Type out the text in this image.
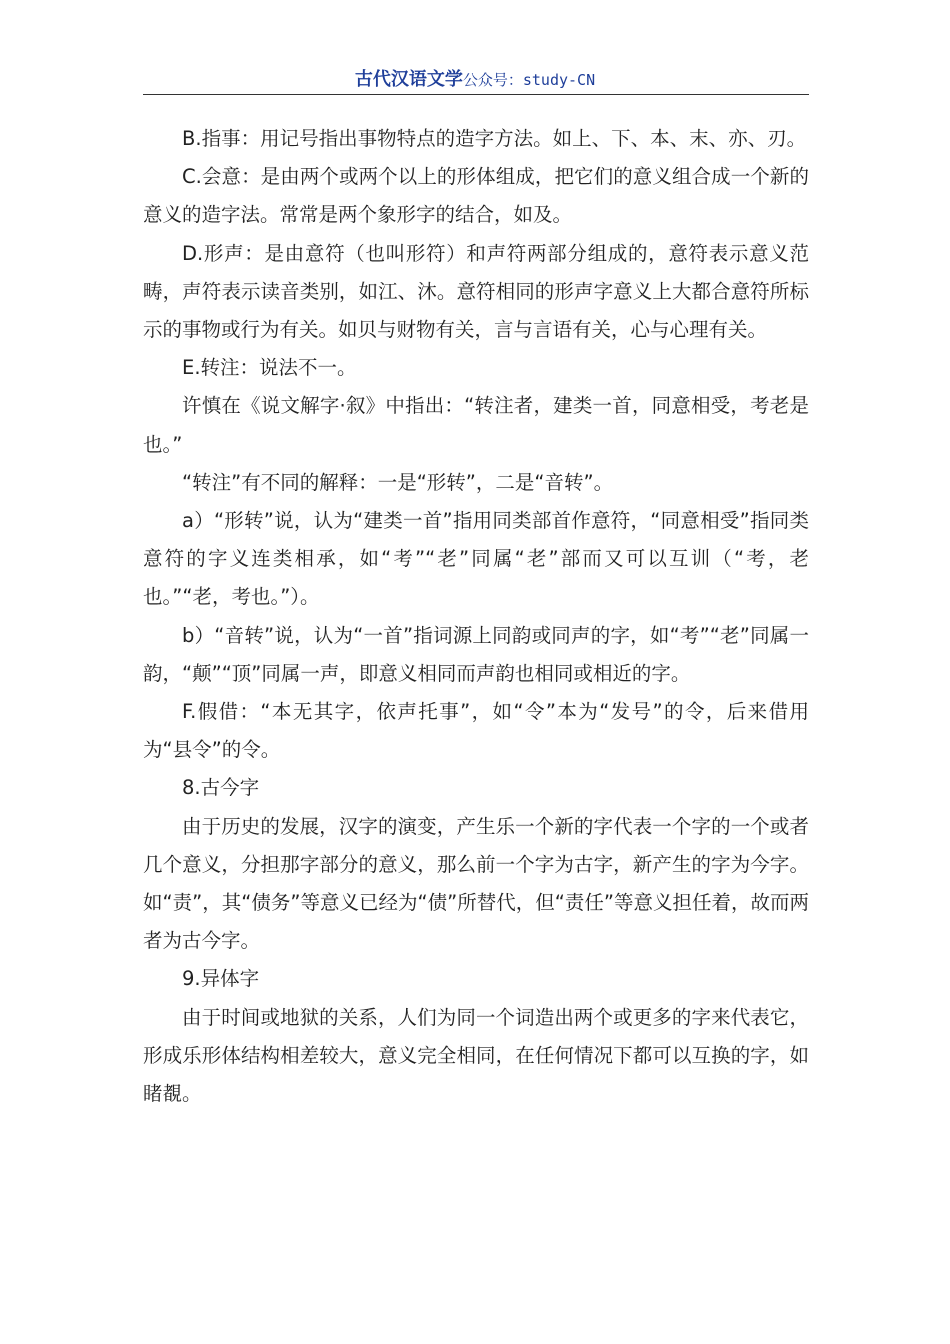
古代汉语文学公众号：study-CN

B.指事：用记号指出事物特点的造字方法。如上、下、本、末、亦、刃。

C.会意：是由两个或两个以上的形体组成，把它们的意义组合成一个新的意义的造字法。常常是两个象形字的结合，如及。

D.形声：是由意符（也叫形符）和声符两部分组成的，意符表示意义范畴，声符表示读音类别，如江、沐。意符相同的形声字意义上大都合意符所标示的事物或行为有关。如贝与财物有关，言与言语有关，心与心理有关。

E.转注：说法不一。

许慎在《说文解字·叙》中指出：“转注者，建类一首，同意相受，考老是也。”

“转注”有不同的解释：一是“形转”，二是“音转”。

a）“形转”说，认为“建类一首”指用同类部首作意符，“同意相受”指同类意符的字义连类相承，如“考”“老”同属“老”部而又可以互训（“考，老也。”“老，考也。”）。

b）“音转”说，认为“一首”指词源上同韵或同声的字，如“考”“老”同属一韵，“颠”“顶”同属一声，即意义相同而声韵也相同或相近的字。

F.假借：“本无其字，依声托事”，如“令”本为“发号”的令，后来借用为“县令”的令。

8.古今字

由于历史的发展，汉字的演变，产生乐一个新的字代表一个字的一个或者几个意义，分担那字部分的意义，那么前一个字为古字，新产生的字为今字。如“责”，其“债务”等意义已经为“债”所替代，但“责任”等意义担任着，故而两者为古今字。

9.异体字

由于时间或地狱的关系，人们为同一个词造出两个或更多的字来代表它，形成乐形体结构相差较大，意义完全相同，在任何情况下都可以互换的字，如睹覩。
